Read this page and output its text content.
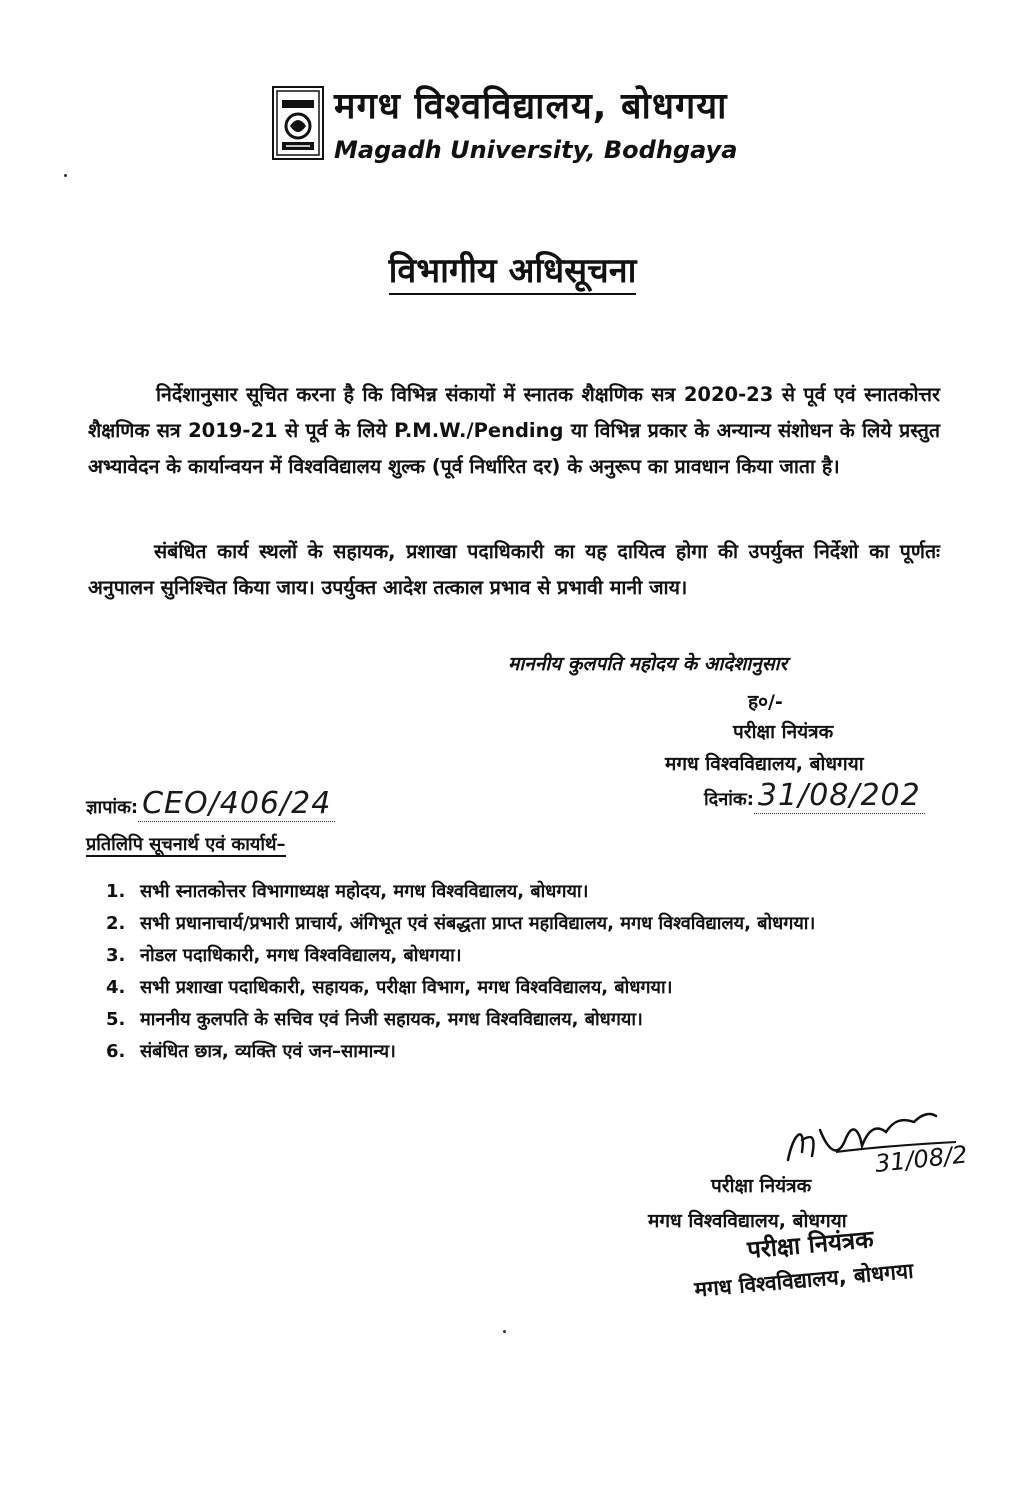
मगध विश्वविद्यालय, बोधगया
Magadh University, Bodhgaya
विभागीय अधिसूचना
निर्देशानुसार सूचित करना है कि विभिन्न संकायों में स्नातक शैक्षणिक सत्र 2020-23 से पूर्व एवं स्नातकोत्तर शैक्षणिक सत्र 2019-21 से पूर्व के लिये P.M.W./Pending या विभिन्न प्रकार के अन्यान्य संशोधन के लिये प्रस्तुत अभ्यावेदन के कार्यान्वयन में विश्वविद्यालय शुल्क (पूर्व निर्धारित दर) के अनुरूप का प्रावधान किया जाता है।
संबंधित कार्य स्थलों के सहायक, प्रशाखा पदाधिकारी का यह दायित्व होगा की उपर्युक्त निर्देशो का पूर्णतः अनुपालन सुनिश्चित किया जाय। उपर्युक्त आदेश तत्काल प्रभाव से प्रभावी मानी जाय।
माननीय कुलपति महोदय के आदेशानुसार
ह०/-
परीक्षा नियंत्रक
मगध विश्वविद्यालय, बोधगया
ज्ञापांक: CEO/406/24	दिनांक: 31/08/202
प्रतिलिपि सूचनार्थ एवं कार्यार्थ–
1. सभी स्नातकोत्तर विभागाध्यक्ष महोदय, मगध विश्वविद्यालय, बोधगया।
2. सभी प्रधानाचार्य/प्रभारी प्राचार्य, अंगिभूत एवं संबद्धता प्राप्त महाविद्यालय, मगध विश्वविद्यालय, बोधगया।
3. नोडल पदाधिकारी, मगध विश्वविद्यालय, बोधगया।
4. सभी प्रशाखा पदाधिकारी, सहायक, परीक्षा विभाग, मगध विश्वविद्यालय, बोधगया।
5. माननीय कुलपति के सचिव एवं निजी सहायक, मगध विश्वविद्यालय, बोधगया।
6. संबंधित छात्र, व्यक्ति एवं जन–सामान्य।
31/08/2
परीक्षा नियंत्रक
मगध विश्वविद्यालय, बोधगया
परीक्षा नियंत्रक
मगध विश्वविद्यालय, बोधगया
